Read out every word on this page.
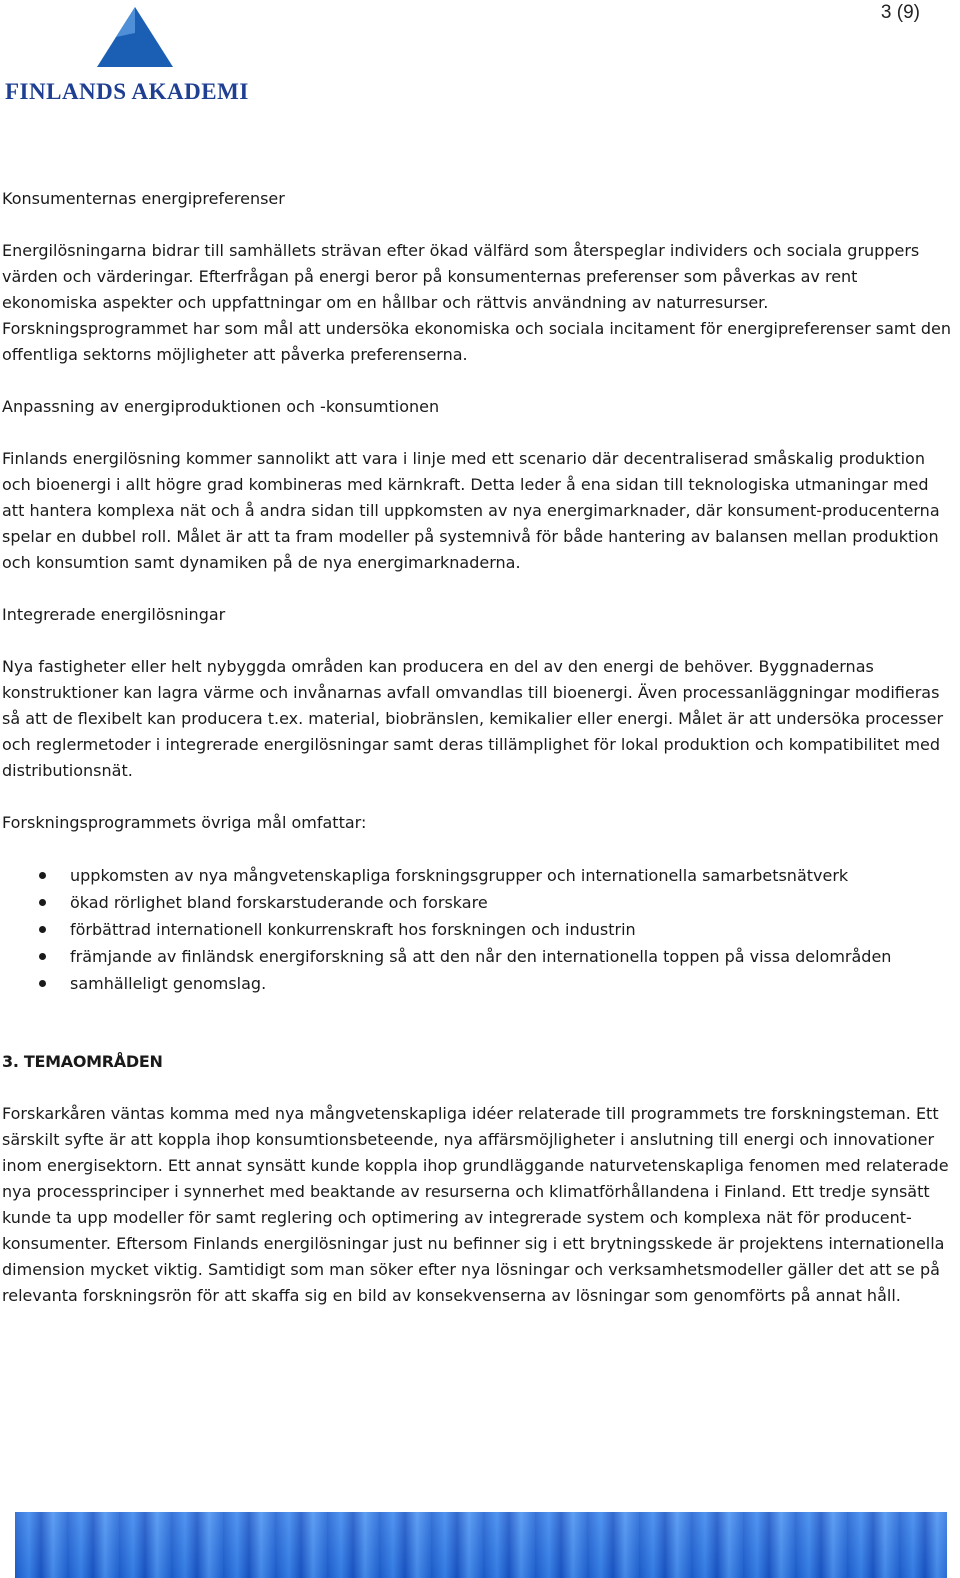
3 (9)
FINLANDS AKADEMI
Konsumenternas energipreferenser

Energilösningarna bidrar till samhällets strävan efter ökad välfärd som återspeglar individers och sociala gruppers värden och värderingar. Efterfrågan på energi beror på konsumenternas preferenser som påverkas av rent ekonomiska aspekter och uppfattningar om en hållbar och rättvis användning av naturresurser. Forskningsprogrammet har som mål att undersöka ekonomiska och sociala incitament för energipreferenser samt den offentliga sektorns möjligheter att påverka preferenserna.

Anpassning av energiproduktionen och -konsumtionen

Finlands energilösning kommer sannolikt att vara i linje med ett scenario där decentraliserad småskalig produktion och bioenergi i allt högre grad kombineras med kärnkraft. Detta leder å ena sidan till teknologiska utmaningar med att hantera komplexa nät och å andra sidan till uppkomsten av nya energimarknader, där konsument-producenterna spelar en dubbel roll. Målet är att ta fram modeller på systemnivå för både hantering av balansen mellan produktion och konsumtion samt dynamiken på de nya energimarknaderna.

Integrerade energilösningar

Nya fastigheter eller helt nybyggda områden kan producera en del av den energi de behöver. Byggnadernas konstruktioner kan lagra värme och invånarnas avfall omvandlas till bioenergi. Även processanläggningar modifieras så att de flexibelt kan producera t.ex. material, biobränslen, kemikalier eller energi. Målet är att undersöka processer och reglermetoder i integrerade energilösningar samt deras tillämplighet för lokal produktion och kompatibilitet med distributionsnät.

Forskningsprogrammets övriga mål omfattar:
uppkomsten av nya mångvetenskapliga forskningsgrupper och internationella samarbetsnätverk
ökad rörlighet bland forskarstuderande och forskare
förbättrad internationell konkurrenskraft hos forskningen och industrin
främjande av finländsk energiforskning så att den når den internationella toppen på vissa delområden
samhälleligt genomslag.
3. TEMAOMRÅDEN

Forskarkåren väntas komma med nya mångvetenskapliga idéer relaterade till programmets tre forskningsteman. Ett särskilt syfte är att koppla ihop konsumtionsbeteende, nya affärsmöjligheter i anslutning till energi och innovationer inom energisektorn. Ett annat synsätt kunde koppla ihop grundläggande naturvetenskapliga fenomen med relaterade nya processprinciper i synnerhet med beaktande av resurserna och klimatförhållandena i Finland. Ett tredje synsätt kunde ta upp modeller för samt reglering och optimering av integrerade system och komplexa nät för producent-konsumenter. Eftersom Finlands energilösningar just nu befinner sig i ett brytningsskede är projektens internationella dimension mycket viktig. Samtidigt som man söker efter nya lösningar och verksamhetsmodeller gäller det att se på relevanta forskningsrön för att skaffa sig en bild av konsekvenserna av lösningar som genomförts på annat håll.
